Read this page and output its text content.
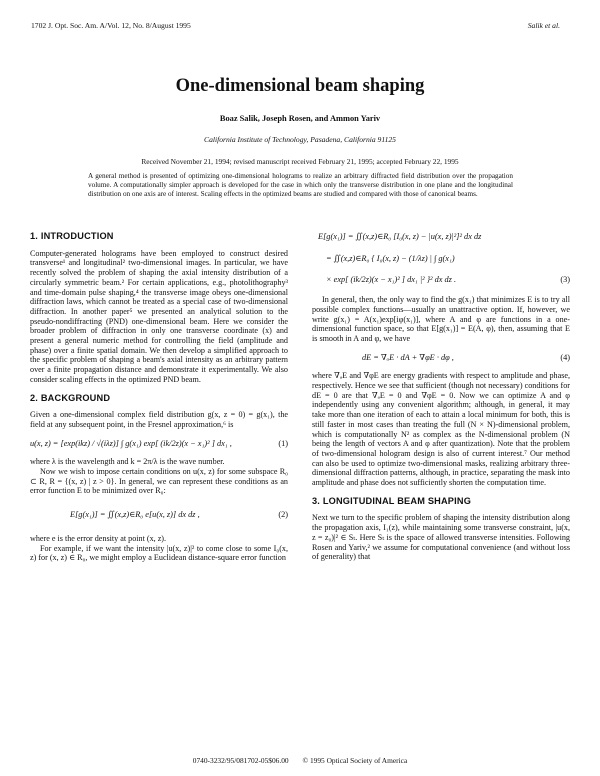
1702 J. Opt. Soc. Am. A/Vol. 12, No. 8/August 1995	Salik et al.
One-dimensional beam shaping
Boaz Salik, Joseph Rosen, and Ammon Yariv
California Institute of Technology, Pasadena, California 91125
Received November 21, 1994; revised manuscript received February 21, 1995; accepted February 22, 1995
A general method is presented of optimizing one-dimensional holograms to realize an arbitrary diffracted field distribution over the propagation volume. A computationally simpler approach is developed for the case in which only the transverse distribution in one plane and the longitudinal distribution on one axis are of interest. Scaling effects in the optimized beams are studied and compared with those of canonical beams.
1. INTRODUCTION

Computer-generated holograms have been employed to construct desired transverse¹ and longitudinal² two-dimensional images. In particular, we have recently solved the problem of shaping the axial intensity distribution of a circularly symmetric beam.² For certain applications, e.g., photolithography³ and time-domain pulse shaping,⁴ the transverse image obeys one-dimensional diffraction laws, which cannot be treated as a special case of two-dimensional diffraction. In another paper⁵ we presented an analytical solution to the pseudo-nondiffracting (PND) one-dimensional beam. Here we consider the broader problem of diffraction in only one transverse coordinate (x) and present a general numeric method for controlling the field (amplitude and phase) over a finite spatial domain. We then develop a simplified approach to the specific problem of shaping a beam's axial intensity as an arbitrary pattern over a finite propagation distance and demonstrate it experimentally. We also consider scaling effects in the optimized PND beam.

2. BACKGROUND

Given a one-dimensional complex field distribution g(x, z = 0) = g(x₁), the field at any subsequent point, in the Fresnel approximation,⁶ is

u(x, z) = [exp(ikz) / √(iλz)] ∫ g(x₁) exp[ (ik/2z)(x − x₁)² ] dx₁ ,	(1)

where λ is the wavelength and k = 2π/λ is the wave number.

Now we wish to impose certain conditions on u(x, z) for some subspace R₀ ⊂ R, R = {(x, z) | z > 0}. In general, we can represent these conditions as an error function E to be minimized over R₀:

E[g(x₁)] = ∬(x,z)∈R₀ e[u(x, z)] dx dz ,	(2)

where e is the error density at point (x, z).

For example, if we want the intensity |u(x, z)|² to come close to some I₀(x, z) for (x, z) ∈ R₀, we might employ a Euclidean distance-square error function

E[g(x₁)] = ∬(x,z)∈R₀ [I₀(x, z) − |u(x, z)|²]² dx dz
= ∬(x,z)∈R₀ { I₀(x, z) − (1/λz) | ∫ g(x₁)
× exp[ (ik/2z)(x − x₁)² ] dx₁ |² }² dx dz .	(3)

In general, then, the only way to find the g(x₁) that minimizes E is to try all possible complex functions—usually an unattractive option. If, however, we write g(x₁) = A(x₁)exp[iφ(x₁)], where A and φ are functions in a one-dimensional function space, so that E[g(x₁)] = E(A, φ), then, assuming that E is smooth in A and φ, we have

dE = ∇ₐE · dA + ∇φE · dφ ,	(4)

where ∇ₐE and ∇φE are energy gradients with respect to amplitude and phase, respectively. Hence we see that sufficient (though not necessary) conditions for dE = 0 are that ∇ₐE = 0 and ∇φE = 0. Now we can optimize A and φ independently using any convenient algorithm; although, in general, it may take more than one iteration of each to attain a local minimum for both, this is still faster in most cases than treating the full (N × N)-dimensional problem, which is computationally N² as complex as the N-dimensional problem (N being the length of vectors A and φ after quantization). Note that the problem of two-dimensional hologram design is also of current interest.⁷ Our method can also be used to optimize two-dimensional masks, realizing arbitrary three-dimensional diffraction patterns, although, in practice, separating the mask into amplitude and phase does not sufficiently shorten the computation time.

3. LONGITUDINAL BEAM SHAPING

Next we turn to the specific problem of shaping the intensity distribution along the propagation axis, I₁(z), while maintaining some transverse constraint, |u(x, z = z₀)|² ∈ Sₜ. Here Sₜ is the space of allowed transverse intensities. Following Rosen and Yariv,² we assume for computational convenience (and without loss of generality) that

0740-3232/95/081702-05$06.00 © 1995 Optical Society of America
